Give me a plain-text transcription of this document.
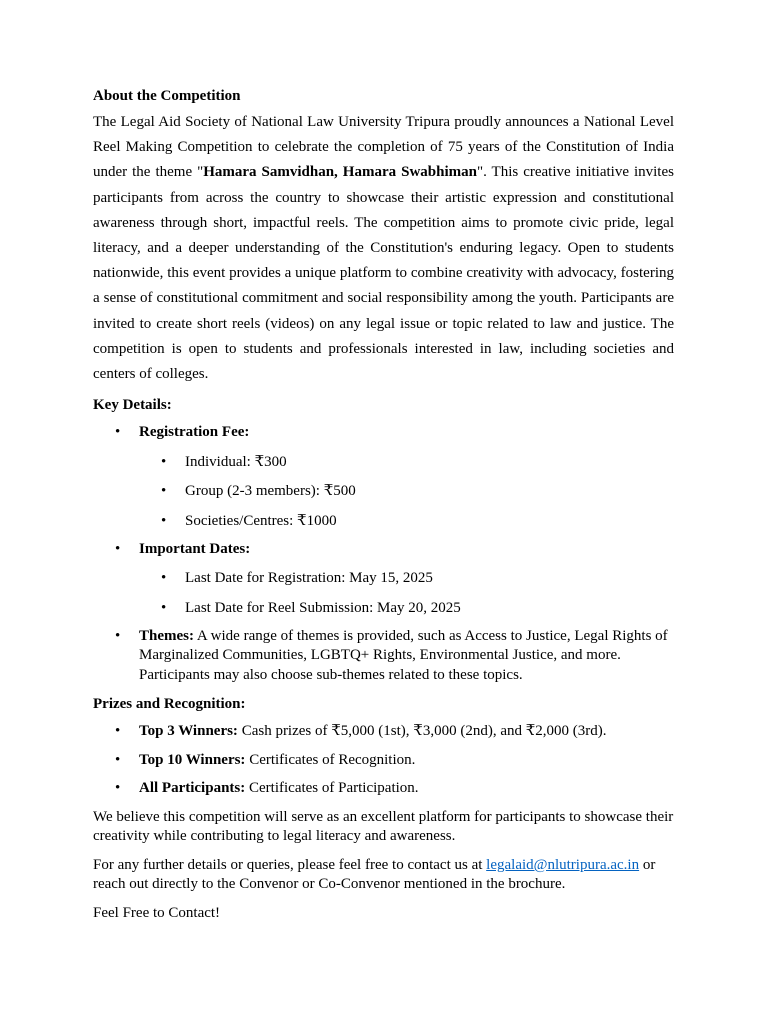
About the Competition

The Legal Aid Society of National Law University Tripura proudly announces a National Level Reel Making Competition to celebrate the completion of 75 years of the Constitution of India under the theme "Hamara Samvidhan, Hamara Swabhiman". This creative initiative invites participants from across the country to showcase their artistic expression and constitutional awareness through short, impactful reels. The competition aims to promote civic pride, legal literacy, and a deeper understanding of the Constitution's enduring legacy. Open to students nationwide, this event provides a unique platform to combine creativity with advocacy, fostering a sense of constitutional commitment and social responsibility among the youth. Participants are invited to create short reels (videos) on any legal issue or topic related to law and justice. The competition is open to students and professionals interested in law, including societies and centers of colleges.

Key Details:
• Registration Fee:
• Individual: ₹300
• Group (2-3 members): ₹500
• Societies/Centres: ₹1000
• Important Dates:
• Last Date for Registration: May 15, 2025
• Last Date for Reel Submission: May 20, 2025
• Themes: A wide range of themes is provided, such as Access to Justice, Legal Rights of Marginalized Communities, LGBTQ+ Rights, Environmental Justice, and more. Participants may also choose sub-themes related to these topics.
Prizes and Recognition:
• Top 3 Winners: Cash prizes of ₹5,000 (1st), ₹3,000 (2nd), and ₹2,000 (3rd).
• Top 10 Winners: Certificates of Recognition.
• All Participants: Certificates of Participation.

We believe this competition will serve as an excellent platform for participants to showcase their creativity while contributing to legal literacy and awareness.

For any further details or queries, please feel free to contact us at legalaid@nlutripura.ac.in or reach out directly to the Convenor or Co-Convenor mentioned in the brochure.

Feel Free to Contact!
